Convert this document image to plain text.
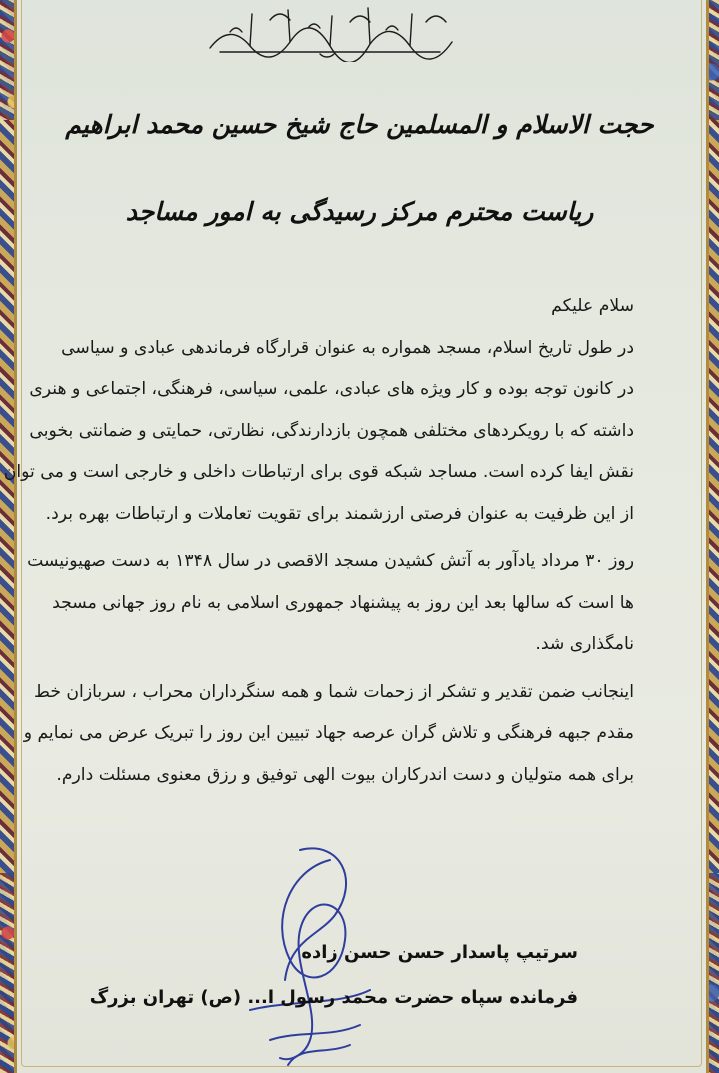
حجت الاسلام و المسلمین حاج شیخ حسین محمد ابراهیم
ریاست محترم مرکز رسیدگی به امور مساجد
سلام علیکم
در طول تاریخ اسلام، مسجد همواره به عنوان قرارگاه فرماندهی عبادی و سیاسی
در کانون توجه بوده و کار ویژه های عبادی، علمی، سیاسی، فرهنگی، اجتماعی و هنری
داشته که با رویکردهای مختلفی همچون بازدارندگی، نظارتی، حمایتی و ضمانتی بخوبی
نقش ایفا کرده است. مساجد شبکه قوی برای ارتباطات داخلی و خارجی است و می توان
از این ظرفیت به عنوان فرصتی ارزشمند برای تقویت تعاملات و ارتباطات بهره برد.
روز ۳۰ مرداد یادآور به آتش کشیدن مسجد الاقصی در سال ۱۳۴۸ به دست صهیونیست
ها است که سالها بعد این روز به پیشنهاد جمهوری اسلامی به نام روز جهانی مسجد
نامگذاری شد.
اینجانب ضمن تقدیر و تشکر از زحمات شما و همه سنگرداران محراب ، سربازان خط
مقدم جبهه فرهنگی و تلاش گران عرصه جهاد تبیین این روز را تبریک عرض می نمایم و
برای همه متولیان و دست اندرکاران بیوت الهی توفیق و رزق معنوی مسئلت دارم.
سرتیپ پاسدار حسن حسن زاده
فرمانده سپاه حضرت محمد رسول ا... (ص) تهران بزرگ
